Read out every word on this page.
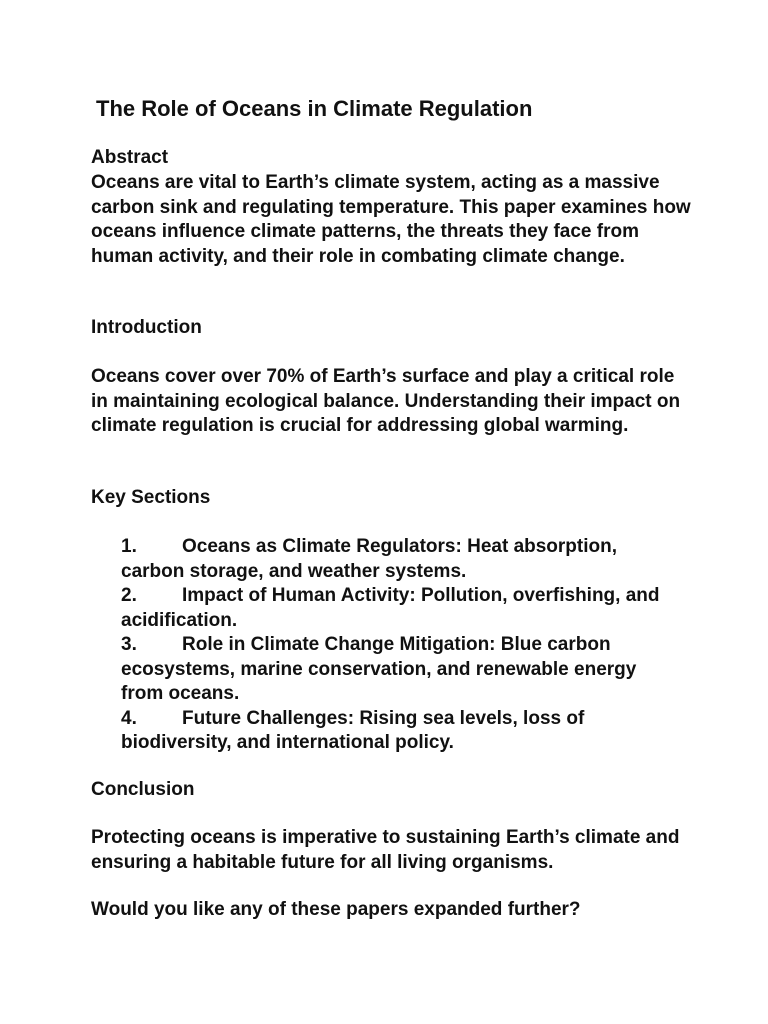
The Role of Oceans in Climate Regulation

Abstract

Oceans are vital to Earth’s climate system, acting as a massive carbon sink and regulating temperature. This paper examines how oceans influence climate patterns, the threats they face from human activity, and their role in combating climate change.

Introduction

Oceans cover over 70% of Earth’s surface and play a critical role in maintaining ecological balance. Understanding their impact on climate regulation is crucial for addressing global warming.

Key Sections

1. Oceans as Climate Regulators: Heat absorption, carbon storage, and weather systems.
2. Impact of Human Activity: Pollution, overfishing, and acidification.
3. Role in Climate Change Mitigation: Blue carbon ecosystems, marine conservation, and renewable energy from oceans.
4. Future Challenges: Rising sea levels, loss of biodiversity, and international policy.

Conclusion

Protecting oceans is imperative to sustaining Earth’s climate and ensuring a habitable future for all living organisms.

Would you like any of these papers expanded further?
